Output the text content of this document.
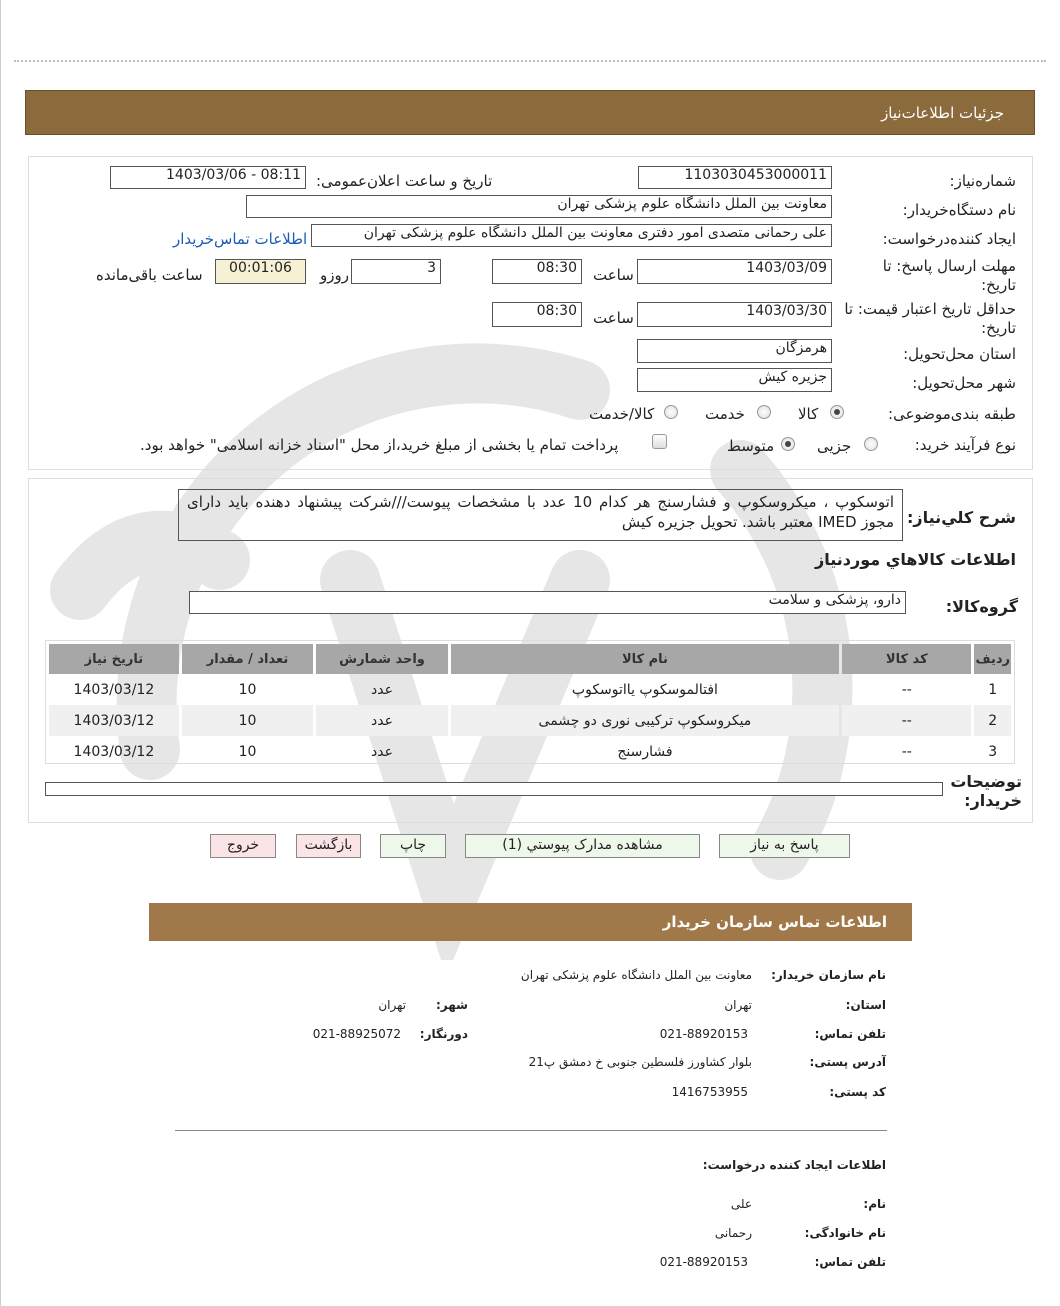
جزئیات اطلاعات‌نیاز
شماره‌نیاز:
1103030453000011
تاریخ و ساعت اعلان‌عمومی:
1403/03/06 - 08:11
نام دستگاه‌خریدار:
معاونت بین الملل دانشگاه علوم پزشکی تهران
ایجاد کننده‌درخواست:
علی رحمانی متصدی امور دفتری معاونت بین الملل دانشگاه علوم پزشکی تهران
اطلاعات تماس‌خریدار
مهلت ارسال پاسخ: تا تاریخ:
1403/03/09
ساعت
08:30
3
روزو
00:01:06
ساعت باقی‌مانده
حداقل تاریخ اعتبار قیمت: تا تاریخ:
1403/03/30
ساعت
08:30
استان محل‌تحویل:
هرمزگان
شهر محل‌تحویل:
جزیره کیش
طبقه بندی‌موضوعی:
کالا
خدمت
کالا/خدمت
نوع فرآیند خرید:
جزیی
متوسط
پرداخت تمام یا بخشی از مبلغ خرید،از محل "اسناد خزانه اسلامی" خواهد بود.
شرح کلي‌نیاز:
اتوسکوپ ، میکروسکوپ و فشارسنج هر کدام 10 عدد با مشخصات پیوست///شرکت پیشنهاد دهنده باید دارای مجوز IMED معتبر باشد. تحویل جزیره کیش
اطلاعات کالاهاي موردنیاز
گروه‌کالا:
دارو، پزشکی و سلامت
ردیف	کد کالا	نام کالا	واحد شمارش	تعداد / مقدار	تاریخ نیاز
1	--	افتالموسکوپ یااتوسکوپ	عدد	10	1403/03/12
2	--	میکروسکوپ ترکیبی نوری دو چشمی	عدد	10	1403/03/12
3	--	فشارسنج	عدد	10	1403/03/12
توضیحات خریدار:
پاسخ به نیاز
مشاهده مدارک پیوستي (1)
چاپ
بازگشت
خروج
اطلاعات تماس سازمان خریدار
نام سازمان خریدار:
معاونت بین الملل دانشگاه علوم پزشکی تهران
استان:
تهران
شهر:
تهران
تلفن تماس:
021-88920153
دورنگار:
021-88925072
آدرس پستی:
بلوار کشاورز فلسطین جنوبی خ دمشق پ21
کد پستی:
1416753955
اطلاعات ایجاد کننده درخواست:
نام:
علی
نام خانوادگی:
رحمانی
تلفن تماس:
021-88920153
